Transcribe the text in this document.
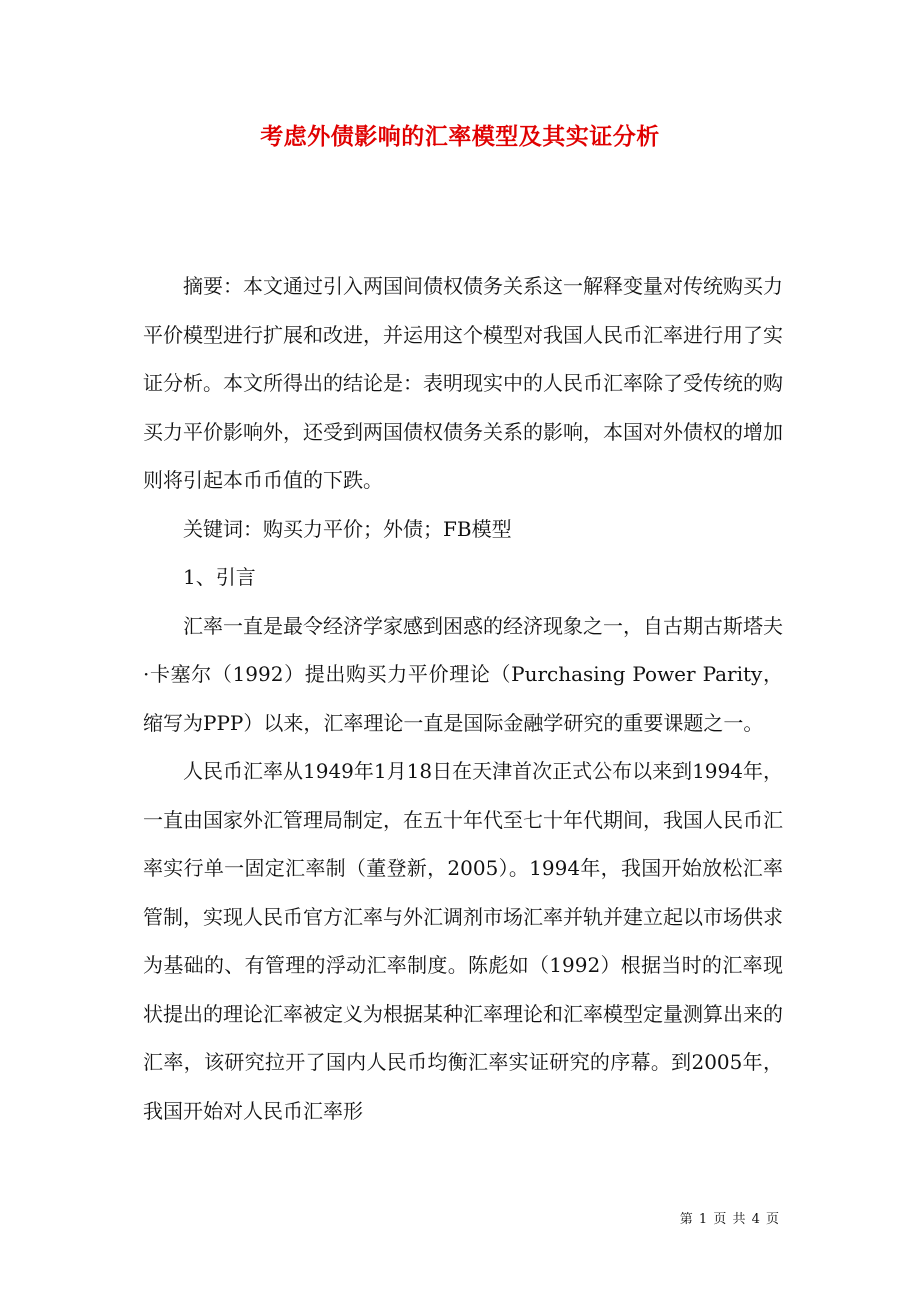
考虑外债影响的汇率模型及其实证分析

摘要：本文通过引入两国间债权债务关系这一解释变量对传统购买力平价模型进行扩展和改进，并运用这个模型对我国人民币汇率进行用了实证分析。本文所得出的结论是：表明现实中的人民币汇率除了受传统的购买力平价影响外，还受到两国债权债务关系的影响，本国对外债权的增加则将引起本币币值的下跌。

关键词：购买力平价；外债；FB模型

1、引言

汇率一直是最令经济学家感到困惑的经济现象之一，自古期古斯塔夫·卡塞尔（1992）提出购买力平价理论（Purchasing Power Parity，缩写为PPP）以来，汇率理论一直是国际金融学研究的重要课题之一。

人民币汇率从1949年1月18日在天津首次正式公布以来到1994年，一直由国家外汇管理局制定，在五十年代至七十年代期间，我国人民币汇率实行单一固定汇率制（董登新，2005）。1994年，我国开始放松汇率管制，实现人民币官方汇率与外汇调剂市场汇率并轨并建立起以市场供求为基础的、有管理的浮动汇率制度。陈彪如（1992）根据当时的汇率现状提出的理论汇率被定义为根据某种汇率理论和汇率模型定量测算出来的汇率，该研究拉开了国内人民币均衡汇率实证研究的序幕。到2005年，我国开始对人民币汇率形

第 1 页 共 4 页
